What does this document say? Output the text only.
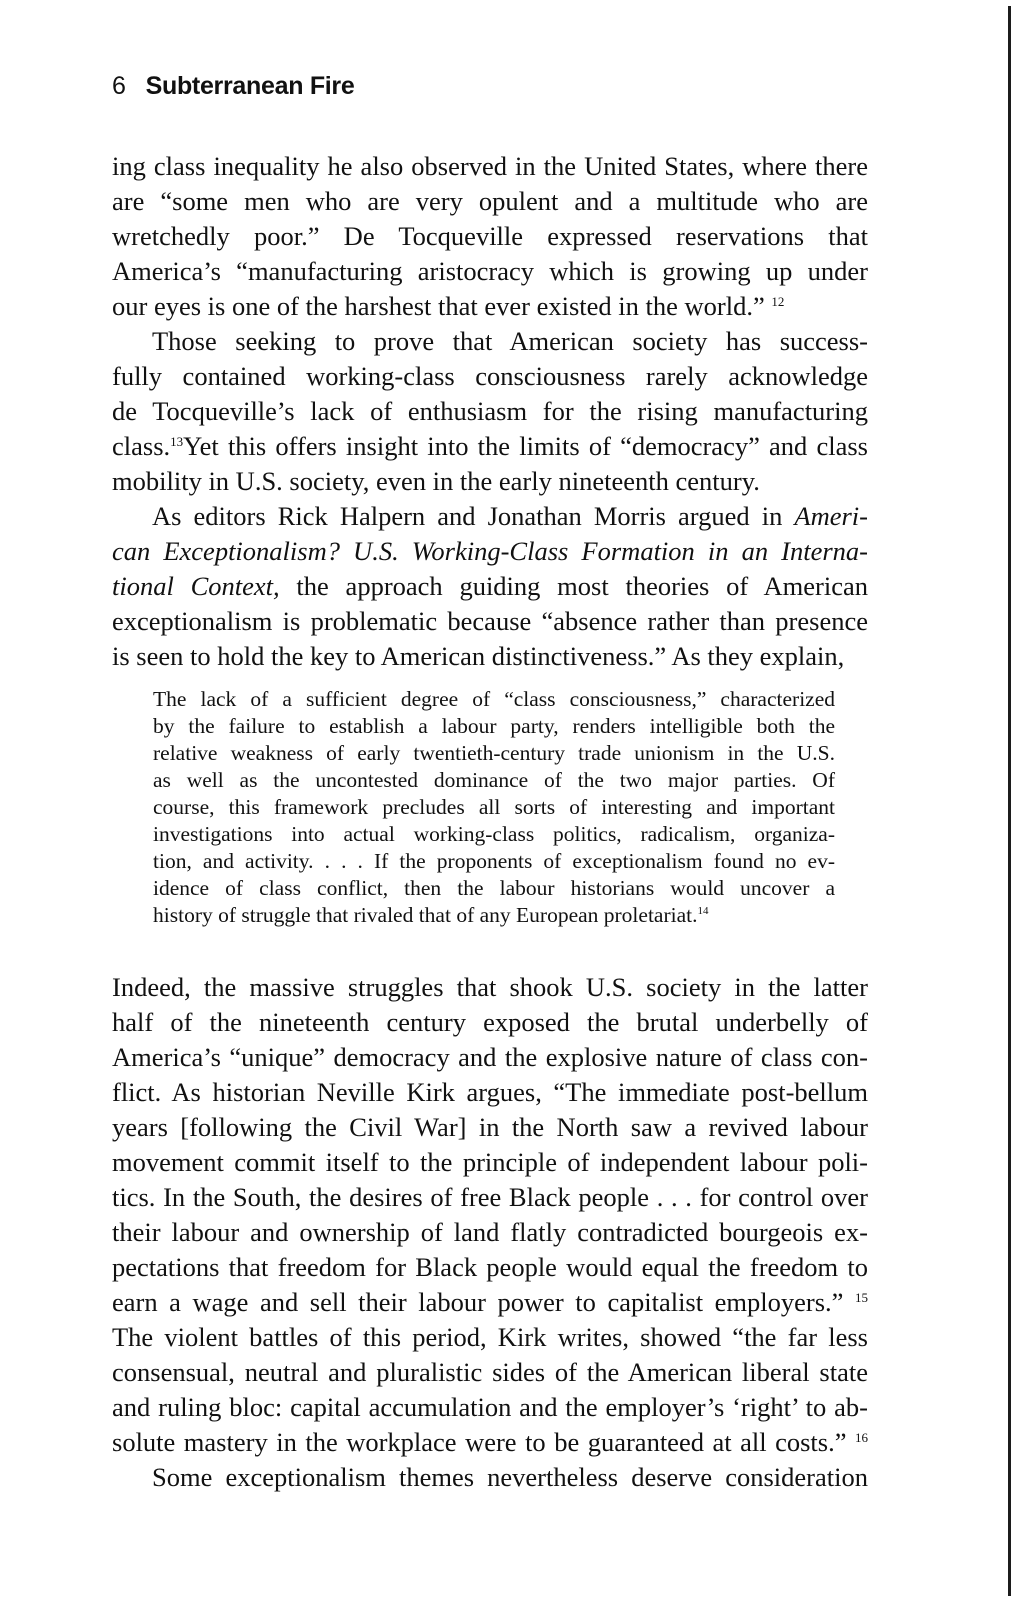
6 Subterranean Fire
ing class inequality he also observed in the United States, where there
are “some men who are very opulent and a multitude who are
wretchedly poor.” De Tocqueville expressed reservations that
America’s “manufacturing aristocracy which is growing up under
our eyes is one of the harshest that ever existed in the world.” $^{12}$
Those seeking to prove that American society has success-
fully contained working-class consciousness rarely acknowledge
de Tocqueville’s lack of enthusiasm for the rising manufacturing
class.$^{13}$Yet this offers insight into the limits of “democracy” and class
mobility in U.S. society, even in the early nineteenth century.
As editors Rick Halpern and Jonathan Morris argued in Ameri-
can Exceptionalism? U.S. Working-Class Formation in an Interna-
tional Context, the approach guiding most theories of American
exceptionalism is problematic because “absence rather than presence
is seen to hold the key to American distinctiveness.” As they explain,
The lack of a sufficient degree of “class consciousness,” characterized
by the failure to establish a labour party, renders intelligible both the
relative weakness of early twentieth-century trade unionism in the U.S.
as well as the uncontested dominance of the two major parties. Of
course, this framework precludes all sorts of interesting and important
investigations into actual working-class politics, radicalism, organiza-
tion, and activity. . . . If the proponents of exceptionalism found no ev-
idence of class conflict, then the labour historians would uncover a
history of struggle that rivaled that of any European proletariat.$^{14}$
Indeed, the massive struggles that shook U.S. society in the latter
half of the nineteenth century exposed the brutal underbelly of
America’s “unique” democracy and the explosive nature of class con-
flict. As historian Neville Kirk argues, “The immediate post-bellum
years [following the Civil War] in the North saw a revived labour
movement commit itself to the principle of independent labour poli-
tics. In the South, the desires of free Black people . . . for control over
their labour and ownership of land flatly contradicted bourgeois ex-
pectations that freedom for Black people would equal the freedom to
earn a wage and sell their labour power to capitalist employers.” $^{15}$
The violent battles of this period, Kirk writes, showed “the far less
consensual, neutral and pluralistic sides of the American liberal state
and ruling bloc: capital accumulation and the employer’s ‘right’ to ab-
solute mastery in the workplace were to be guaranteed at all costs.” $^{16}$
Some exceptionalism themes nevertheless deserve consideration
